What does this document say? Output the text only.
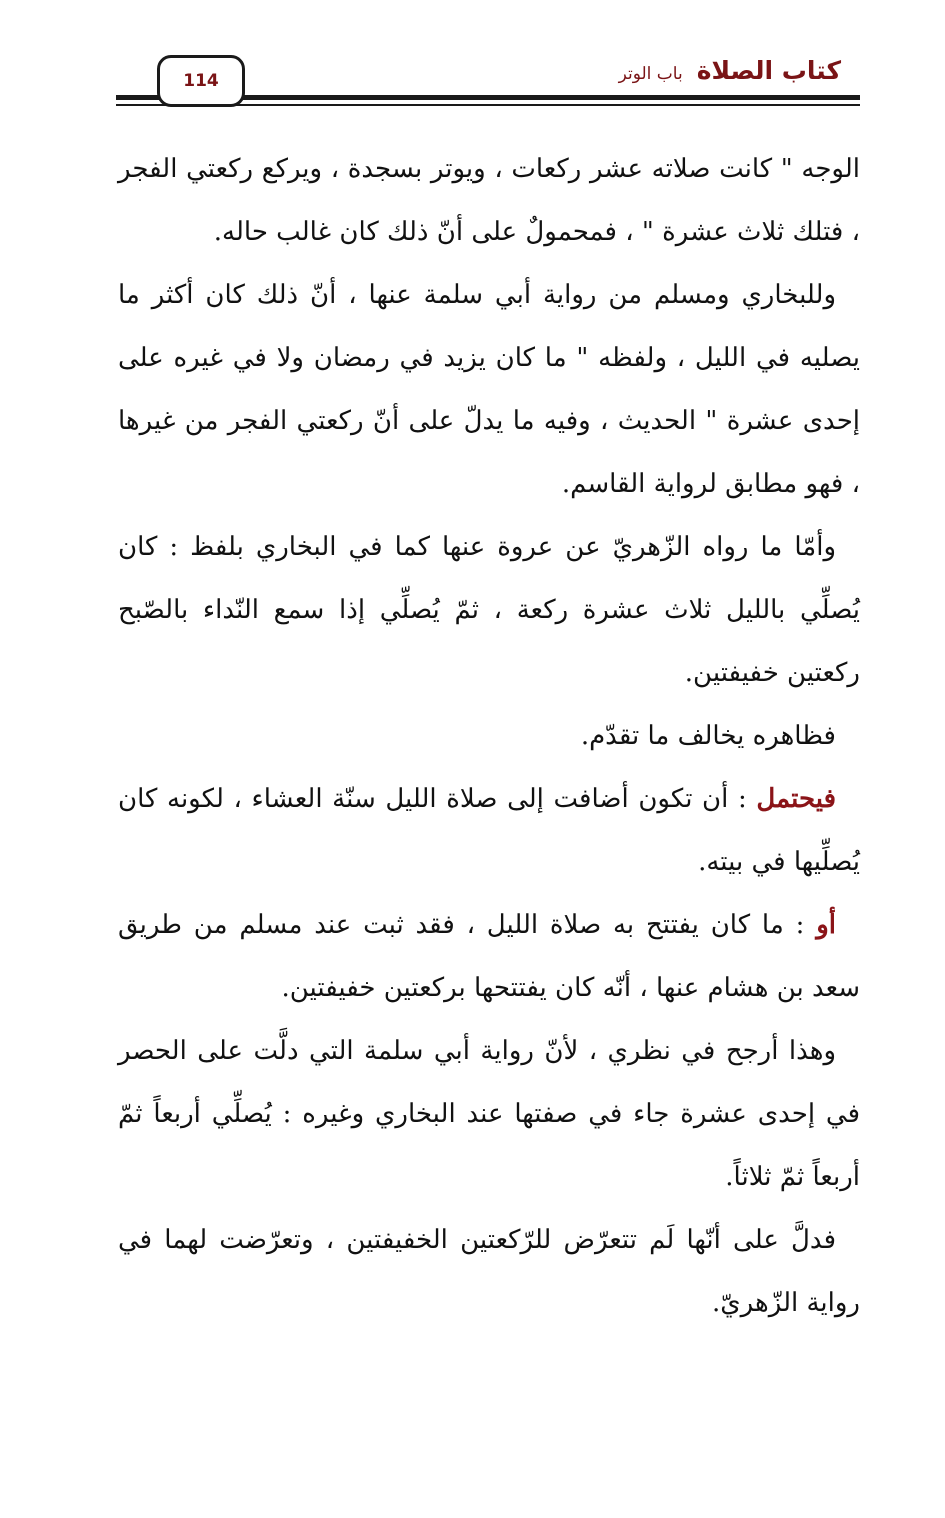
114	كتاب الصلاة
باب الوتر

الوجه " كانت صلاته عشر ركعات ، ويوتر بسجدة ، ويركع ركعتي الفجر ، فتلك ثلاث عشرة " ، فمحمولٌ على أنّ ذلك كان غالب حاله.

وللبخاري ومسلم من رواية أبي سلمة عنها ، أنّ ذلك كان أكثر ما يصليه في الليل ، ولفظه " ما كان يزيد في رمضان ولا في غيره على إحدى عشرة " الحديث ، وفيه ما يدلّ على أنّ ركعتي الفجر من غيرها ، فهو مطابق لرواية القاسم.

وأمّا ما رواه الزّهريّ عن عروة عنها كما في البخاري بلفظ : كان يُصلِّي بالليل ثلاث عشرة ركعة ، ثمّ يُصلِّي إذا سمع النّداء بالصّبح ركعتين خفيفتين.

فظاهره يخالف ما تقدّم.

فيحتمل : أن تكون أضافت إلى صلاة الليل سنّة العشاء ، لكونه كان يُصلِّيها في بيته.

أو : ما كان يفتتح به صلاة الليل ، فقد ثبت عند مسلم من طريق سعد بن هشام عنها ، أنّه كان يفتتحها بركعتين خفيفتين.

وهذا أرجح في نظري ، لأنّ رواية أبي سلمة التي دلَّت على الحصر في إحدى عشرة جاء في صفتها عند البخاري وغيره : يُصلِّي أربعاً ثمّ أربعاً ثمّ ثلاثاً.

فدلَّ على أنّها لَم تتعرّض للرّكعتين الخفيفتين ، وتعرّضت لهما في رواية الزّهريّ.
